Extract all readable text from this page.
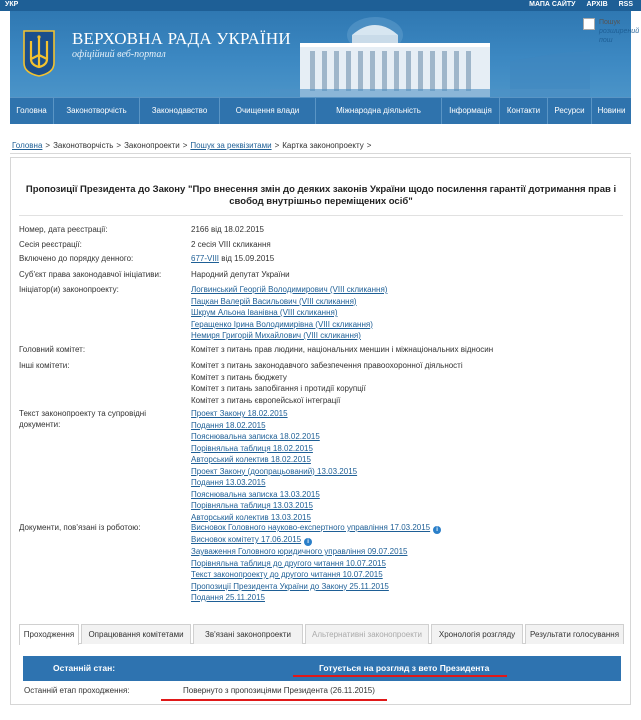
УКР	МАПА САЙТУ АРХІВ RSS
ВЕРХОВНА РАДА УКРАЇНИ
офіційний веб-портал
Пошук
розширений пош
Головна	Законотворчість	Законодавство	Очищення влади	Міжнародна діяльність	Інформація	Контакти	Ресурси	Новини
Головна > Законотворчість > Законопроекти > Пошук за реквізитами > Картка законопроекту >
Пропозиції Президента до Закону "Про внесення змін до деяких законів України щодо посилення гарантії дотримання прав і свобод внутрішньо переміщених осіб"
Номер, дата реєстрації:	2166 від 18.02.2015
Сесія реєстрації:	2 сесія VIII скликання
Включено до порядку денного:	677-VIII від 15.09.2015
Суб'єкт права законодавчої ініціативи:	Народний депутат України
Ініціатор(и) законопроекту:	Логвинський Георгій Володимирович (VIII скликання)
Пацкан Валерій Васильович (VIII скликання)
Шкрум Альона Іванівна (VIII скликання)
Геращенко Ірина Володимирівна (VIII скликання)
Немиря Григорій Михайлович (VIII скликання)
Головний комітет:	Комітет з питань прав людини, національних меншин і міжнаціональних відносин
Інші комітети:	Комітет з питань законодавчого забезпечення правоохоронної діяльності
Комітет з питань бюджету
Комітет з питань запобігання і протидії корупції
Комітет з питань європейської інтеграції
Текст законопроекту та супровідні документи:
Проект Закону 18.02.2015
Подання 18.02.2015
Пояснювальна записка 18.02.2015
Порівняльна таблиця 18.02.2015
Авторський колектив 18.02.2015
Проект Закону (доопрацьований) 13.03.2015
Подання 13.03.2015
Пояснювальна записка 13.03.2015
Порівняльна таблиця 13.03.2015
Авторський колектив 13.03.2015
Документи, пов'язані із роботою:	Висновок Головного науково-експертного управління 17.03.2015 i
Висновок комітету 17.06.2015 i
Зауваження Головного юридичного управління 09.07.2015
Порівняльна таблиця до другого читання 10.07.2015
Текст законопроекту до другого читання 10.07.2015
Пропозиції Президента України до Закону 25.11.2015
Подання 25.11.2015
Проходження	Опрацювання комітетами	Зв'язані законопроекти	Альтернативні законопроекти	Хронологія розгляду	Результати голосування
Останній стан:	Готується на розгляд з вето Президента
Останній етап проходження:	Повернуто з пропозиціями Президента (26.11.2015)
